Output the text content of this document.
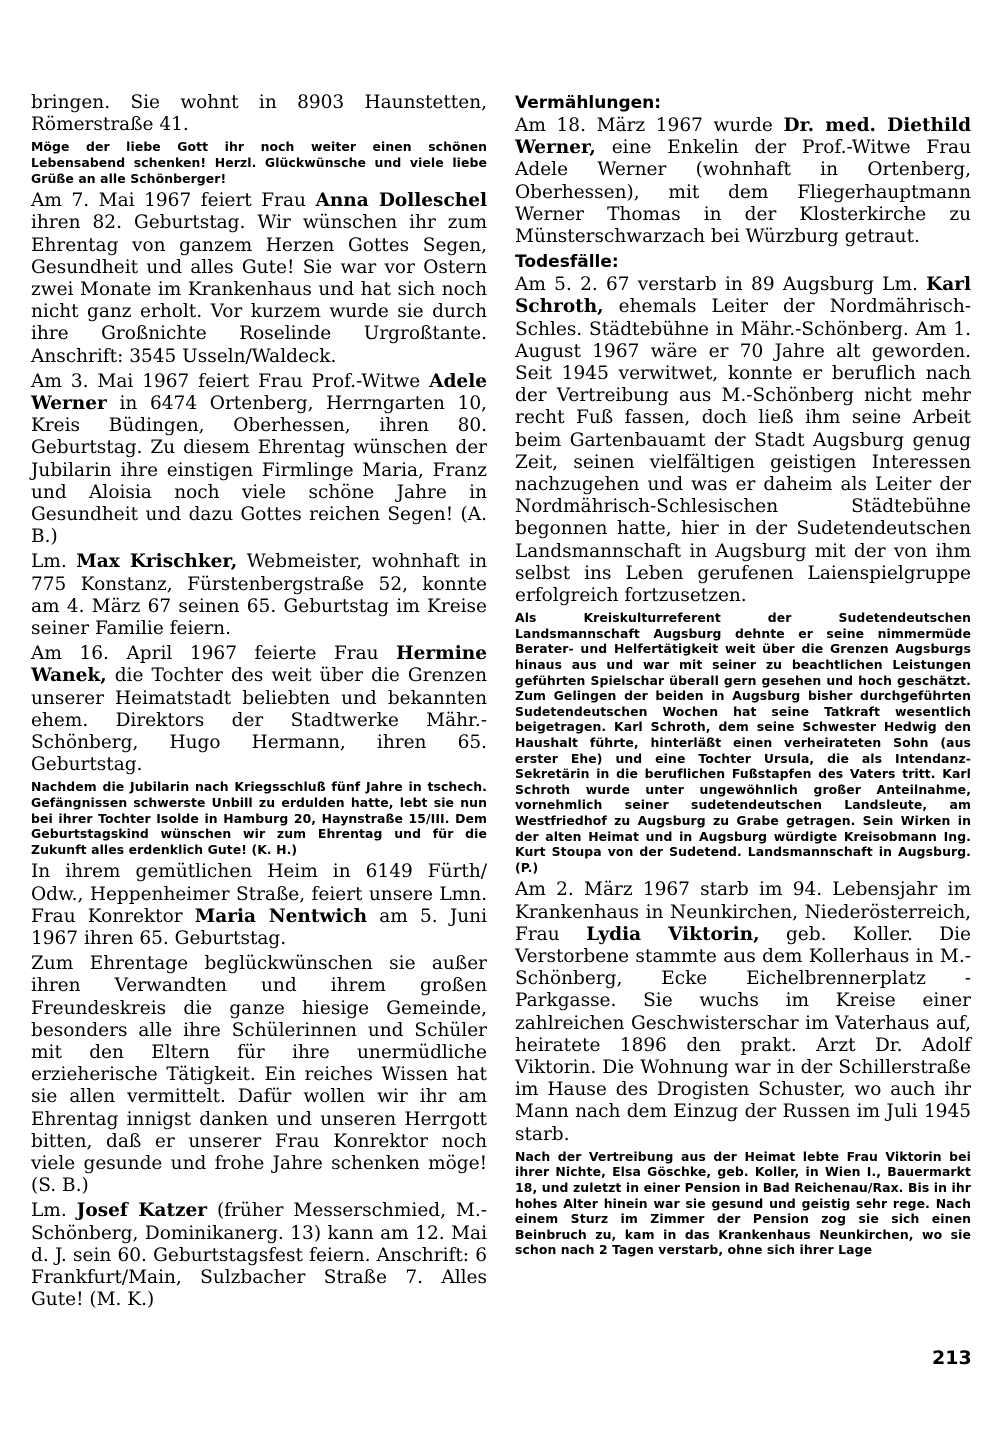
bringen. Sie wohnt in 8903 Haunstetten, Römerstraße 41.

Möge der liebe Gott ihr noch weiter einen schönen Lebensabend schenken! Herzl. Glückwünsche und viele liebe Grüße an alle Schönberger!

Am 7. Mai 1967 feiert Frau Anna Dolleschel ihren 82. Geburtstag. Wir wünschen ihr zum Ehrentag von ganzem Herzen Gottes Segen, Gesundheit und alles Gute! Sie war vor Ostern zwei Monate im Krankenhaus und hat sich noch nicht ganz erholt. Vor kurzem wurde sie durch ihre Großnichte Roselinde Urgroßtante. Anschrift: 3545 Usseln/Waldeck.

Am 3. Mai 1967 feiert Frau Prof.-Witwe Adele Werner in 6474 Ortenberg, Herrngarten 10, Kreis Büdingen, Oberhessen, ihren 80. Geburtstag. Zu diesem Ehrentag wünschen der Jubilarin ihre einstigen Firmlinge Maria, Franz und Aloisia noch viele schöne Jahre in Gesundheit und dazu Gottes reichen Segen! (A. B.)

Lm. Max Krischker, Webmeister, wohnhaft in 775 Konstanz, Fürstenbergstraße 52, konnte am 4. März 67 seinen 65. Geburtstag im Kreise seiner Familie feiern.

Am 16. April 1967 feierte Frau Hermine Wanek, die Tochter des weit über die Grenzen unserer Heimatstadt beliebten und bekannten ehem. Direktors der Stadtwerke Mähr.-Schönberg, Hugo Hermann, ihren 65. Geburtstag.

Nachdem die Jubilarin nach Kriegsschluß fünf Jahre in tschech. Gefängnissen schwerste Unbill zu erdulden hatte, lebt sie nun bei ihrer Tochter Isolde in Hamburg 20, Haynstraße 15/III. Dem Geburtstagskind wünschen wir zum Ehrentag und für die Zukunft alles erdenklich Gute! (K. H.)

In ihrem gemütlichen Heim in 6149 Fürth/ Odw., Heppenheimer Straße, feiert unsere Lmn. Frau Konrektor Maria Nentwich am 5. Juni 1967 ihren 65. Geburtstag.

Zum Ehrentage beglückwünschen sie außer ihren Verwandten und ihrem großen Freundeskreis die ganze hiesige Gemeinde, besonders alle ihre Schülerinnen und Schüler mit den Eltern für ihre unermüdliche erzieherische Tätigkeit. Ein reiches Wissen hat sie allen vermittelt. Dafür wollen wir ihr am Ehrentag innigst danken und unseren Herrgott bitten, daß er unserer Frau Konrektor noch viele gesunde und frohe Jahre schenken möge! (S. B.)

Lm. Josef Katzer (früher Messerschmied, M.-Schönberg, Dominikanerg. 13) kann am 12. Mai d. J. sein 60. Geburtstagsfest feiern. Anschrift: 6 Frankfurt/Main, Sulzbacher Straße 7. Alles Gute! (M. K.)

Vermählungen:

Am 18. März 1967 wurde Dr. med. Diethild Werner, eine Enkelin der Prof.-Witwe Frau Adele Werner (wohnhaft in Ortenberg, Oberhessen), mit dem Fliegerhauptmann Werner Thomas in der Klosterkirche zu Münsterschwarzach bei Würzburg getraut.

Todesfälle:

Am 5. 2. 67 verstarb in 89 Augsburg Lm. Karl Schroth, ehemals Leiter der Nordmährisch-Schles. Städtebühne in Mähr.-Schönberg. Am 1. August 1967 wäre er 70 Jahre alt geworden. Seit 1945 verwitwet, konnte er beruflich nach der Vertreibung aus M.-Schönberg nicht mehr recht Fuß fassen, doch ließ ihm seine Arbeit beim Gartenbauamt der Stadt Augsburg genug Zeit, seinen vielfältigen geistigen Interessen nachzugehen und was er daheim als Leiter der Nordmährisch-Schlesischen Städtebühne begonnen hatte, hier in der Sudetendeutschen Landsmannschaft in Augsburg mit der von ihm selbst ins Leben gerufenen Laienspielgruppe erfolgreich fortzusetzen.

Als Kreiskulturreferent der Sudetendeutschen Landsmannschaft Augsburg dehnte er seine nimmermüde Berater- und Helfertätigkeit weit über die Grenzen Augsburgs hinaus aus und war mit seiner zu beachtlichen Leistungen geführten Spielschar überall gern gesehen und hoch geschätzt. Zum Gelingen der beiden in Augsburg bisher durchgeführten Sudetendeutschen Wochen hat seine Tatkraft wesentlich beigetragen. Karl Schroth, dem seine Schwester Hedwig den Haushalt führte, hinterläßt einen verheirateten Sohn (aus erster Ehe) und eine Tochter Ursula, die als Intendanz-Sekretärin in die beruflichen Fußstapfen des Vaters tritt. Karl Schroth wurde unter ungewöhnlich großer Anteilnahme, vornehmlich seiner sudetendeutschen Landsleute, am Westfriedhof zu Augsburg zu Grabe getragen. Sein Wirken in der alten Heimat und in Augsburg würdigte Kreisobmann Ing. Kurt Stoupa von der Sudetend. Landsmannschaft in Augsburg. (P.)

Am 2. März 1967 starb im 94. Lebensjahr im Krankenhaus in Neunkirchen, Niederösterreich, Frau Lydia Viktorin, geb. Koller. Die Verstorbene stammte aus dem Kollerhaus in M.-Schönberg, Ecke Eichelbrennerplatz - Parkgasse. Sie wuchs im Kreise einer zahlreichen Geschwisterschar im Vaterhaus auf, heiratete 1896 den prakt. Arzt Dr. Adolf Viktorin. Die Wohnung war in der Schillerstraße im Hause des Drogisten Schuster, wo auch ihr Mann nach dem Einzug der Russen im Juli 1945 starb.

Nach der Vertreibung aus der Heimat lebte Frau Viktorin bei ihrer Nichte, Elsa Göschke, geb. Koller, in Wien I., Bauermarkt 18, und zuletzt in einer Pension in Bad Reichenau/Rax. Bis in ihr hohes Alter hinein war sie gesund und geistig sehr rege. Nach einem Sturz im Zimmer der Pension zog sie sich einen Beinbruch zu, kam in das Krankenhaus Neunkirchen, wo sie schon nach 2 Tagen verstarb, ohne sich ihrer Lage

213
